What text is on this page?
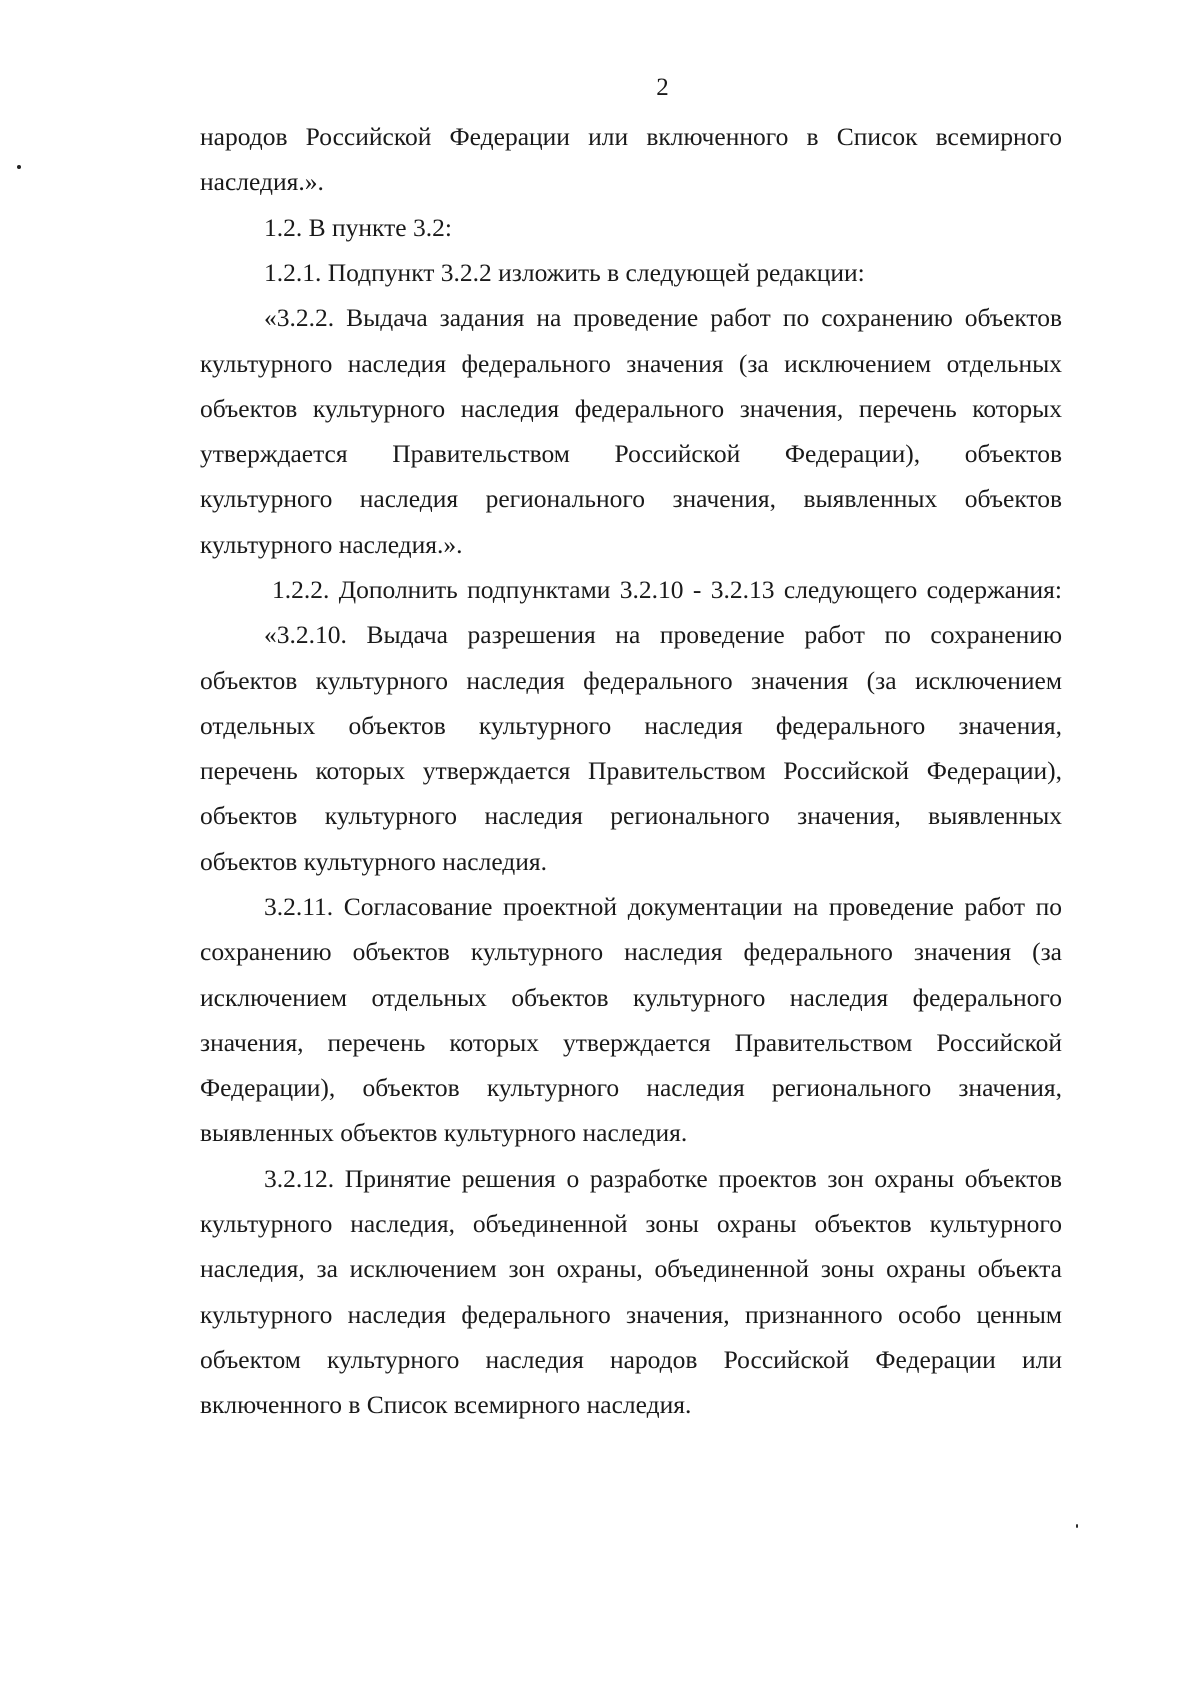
2
народов Российской Федерации или включенного в Список всемирного
наследия.».
1.2. В пункте 3.2:
1.2.1. Подпункт 3.2.2 изложить в следующей редакции:
«3.2.2. Выдача задания на проведение работ по сохранению объектов
культурного наследия федерального значения (за исключением отдельных
объектов культурного наследия федерального значения, перечень которых
утверждается Правительством Российской Федерации), объектов
культурного наследия регионального значения, выявленных объектов
культурного наследия.».
1.2.2. Дополнить подпунктами 3.2.10 - 3.2.13 следующего содержания:
«3.2.10. Выдача разрешения на проведение работ по сохранению
объектов культурного наследия федерального значения (за исключением
отдельных объектов культурного наследия федерального значения,
перечень которых утверждается Правительством Российской Федерации),
объектов культурного наследия регионального значения, выявленных
объектов культурного наследия.
3.2.11. Согласование проектной документации на проведение работ по
сохранению объектов культурного наследия федерального значения (за
исключением отдельных объектов культурного наследия федерального
значения, перечень которых утверждается Правительством Российской
Федерации), объектов культурного наследия регионального значения,
выявленных объектов культурного наследия.
3.2.12. Принятие решения о разработке проектов зон охраны объектов
культурного наследия, объединенной зоны охраны объектов культурного
наследия, за исключением зон охраны, объединенной зоны охраны объекта
культурного наследия федерального значения, признанного особо ценным
объектом культурного наследия народов Российской Федерации или
включенного в Список всемирного наследия.
